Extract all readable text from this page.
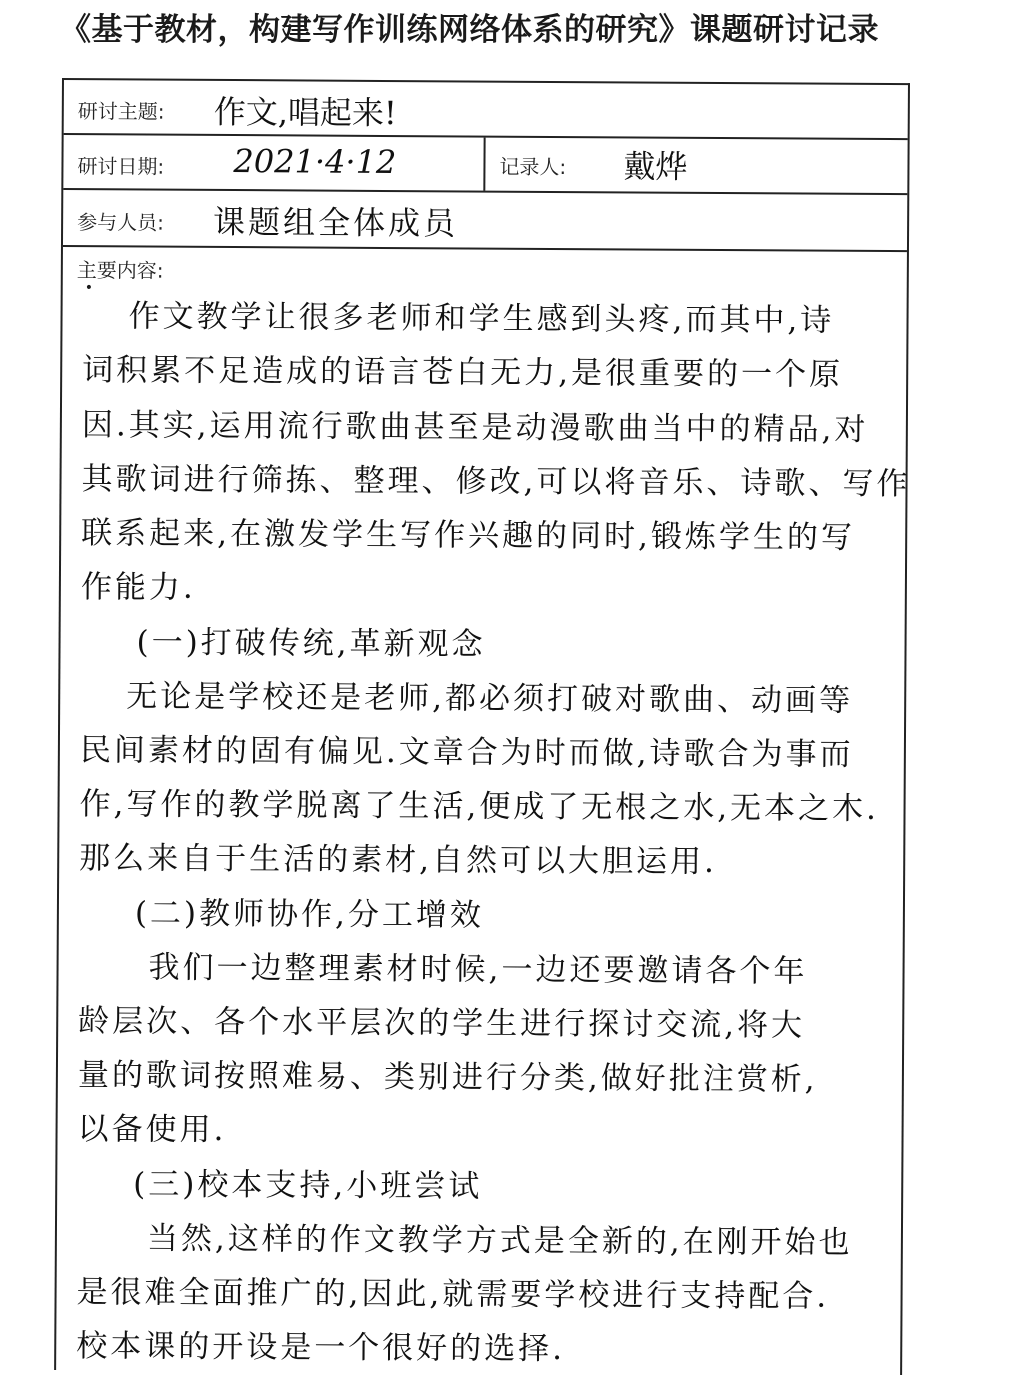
《基于教材，构建写作训练网络体系的研究》课题研讨记录
研讨主题: 作文,唱起来!
研讨日期: 2021·4·12	记录人: 戴烨
参与人员: 课题组全体成员
主要内容:
•
作文教学让很多老师和学生感到头疼,而其中,诗
词积累不足造成的语言苍白无力,是很重要的一个原
因.其实,运用流行歌曲甚至是动漫歌曲当中的精品,对
其歌词进行筛拣、整理、修改,可以将音乐、诗歌、写作
联系起来,在激发学生写作兴趣的同时,锻炼学生的写
作能力.
(一)打破传统,革新观念
无论是学校还是老师,都必须打破对歌曲、动画等
民间素材的固有偏见.文章合为时而做,诗歌合为事而
作,写作的教学脱离了生活,便成了无根之水,无本之木.
那么来自于生活的素材,自然可以大胆运用.
(二)教师协作,分工增效
我们一边整理素材时候,一边还要邀请各个年
龄层次、各个水平层次的学生进行探讨交流,将大
量的歌词按照难易、类别进行分类,做好批注赏析,
以备使用.
(三)校本支持,小班尝试
当然,这样的作文教学方式是全新的,在刚开始也
是很难全面推广的,因此,就需要学校进行支持配合.
校本课的开设是一个很好的选择.
